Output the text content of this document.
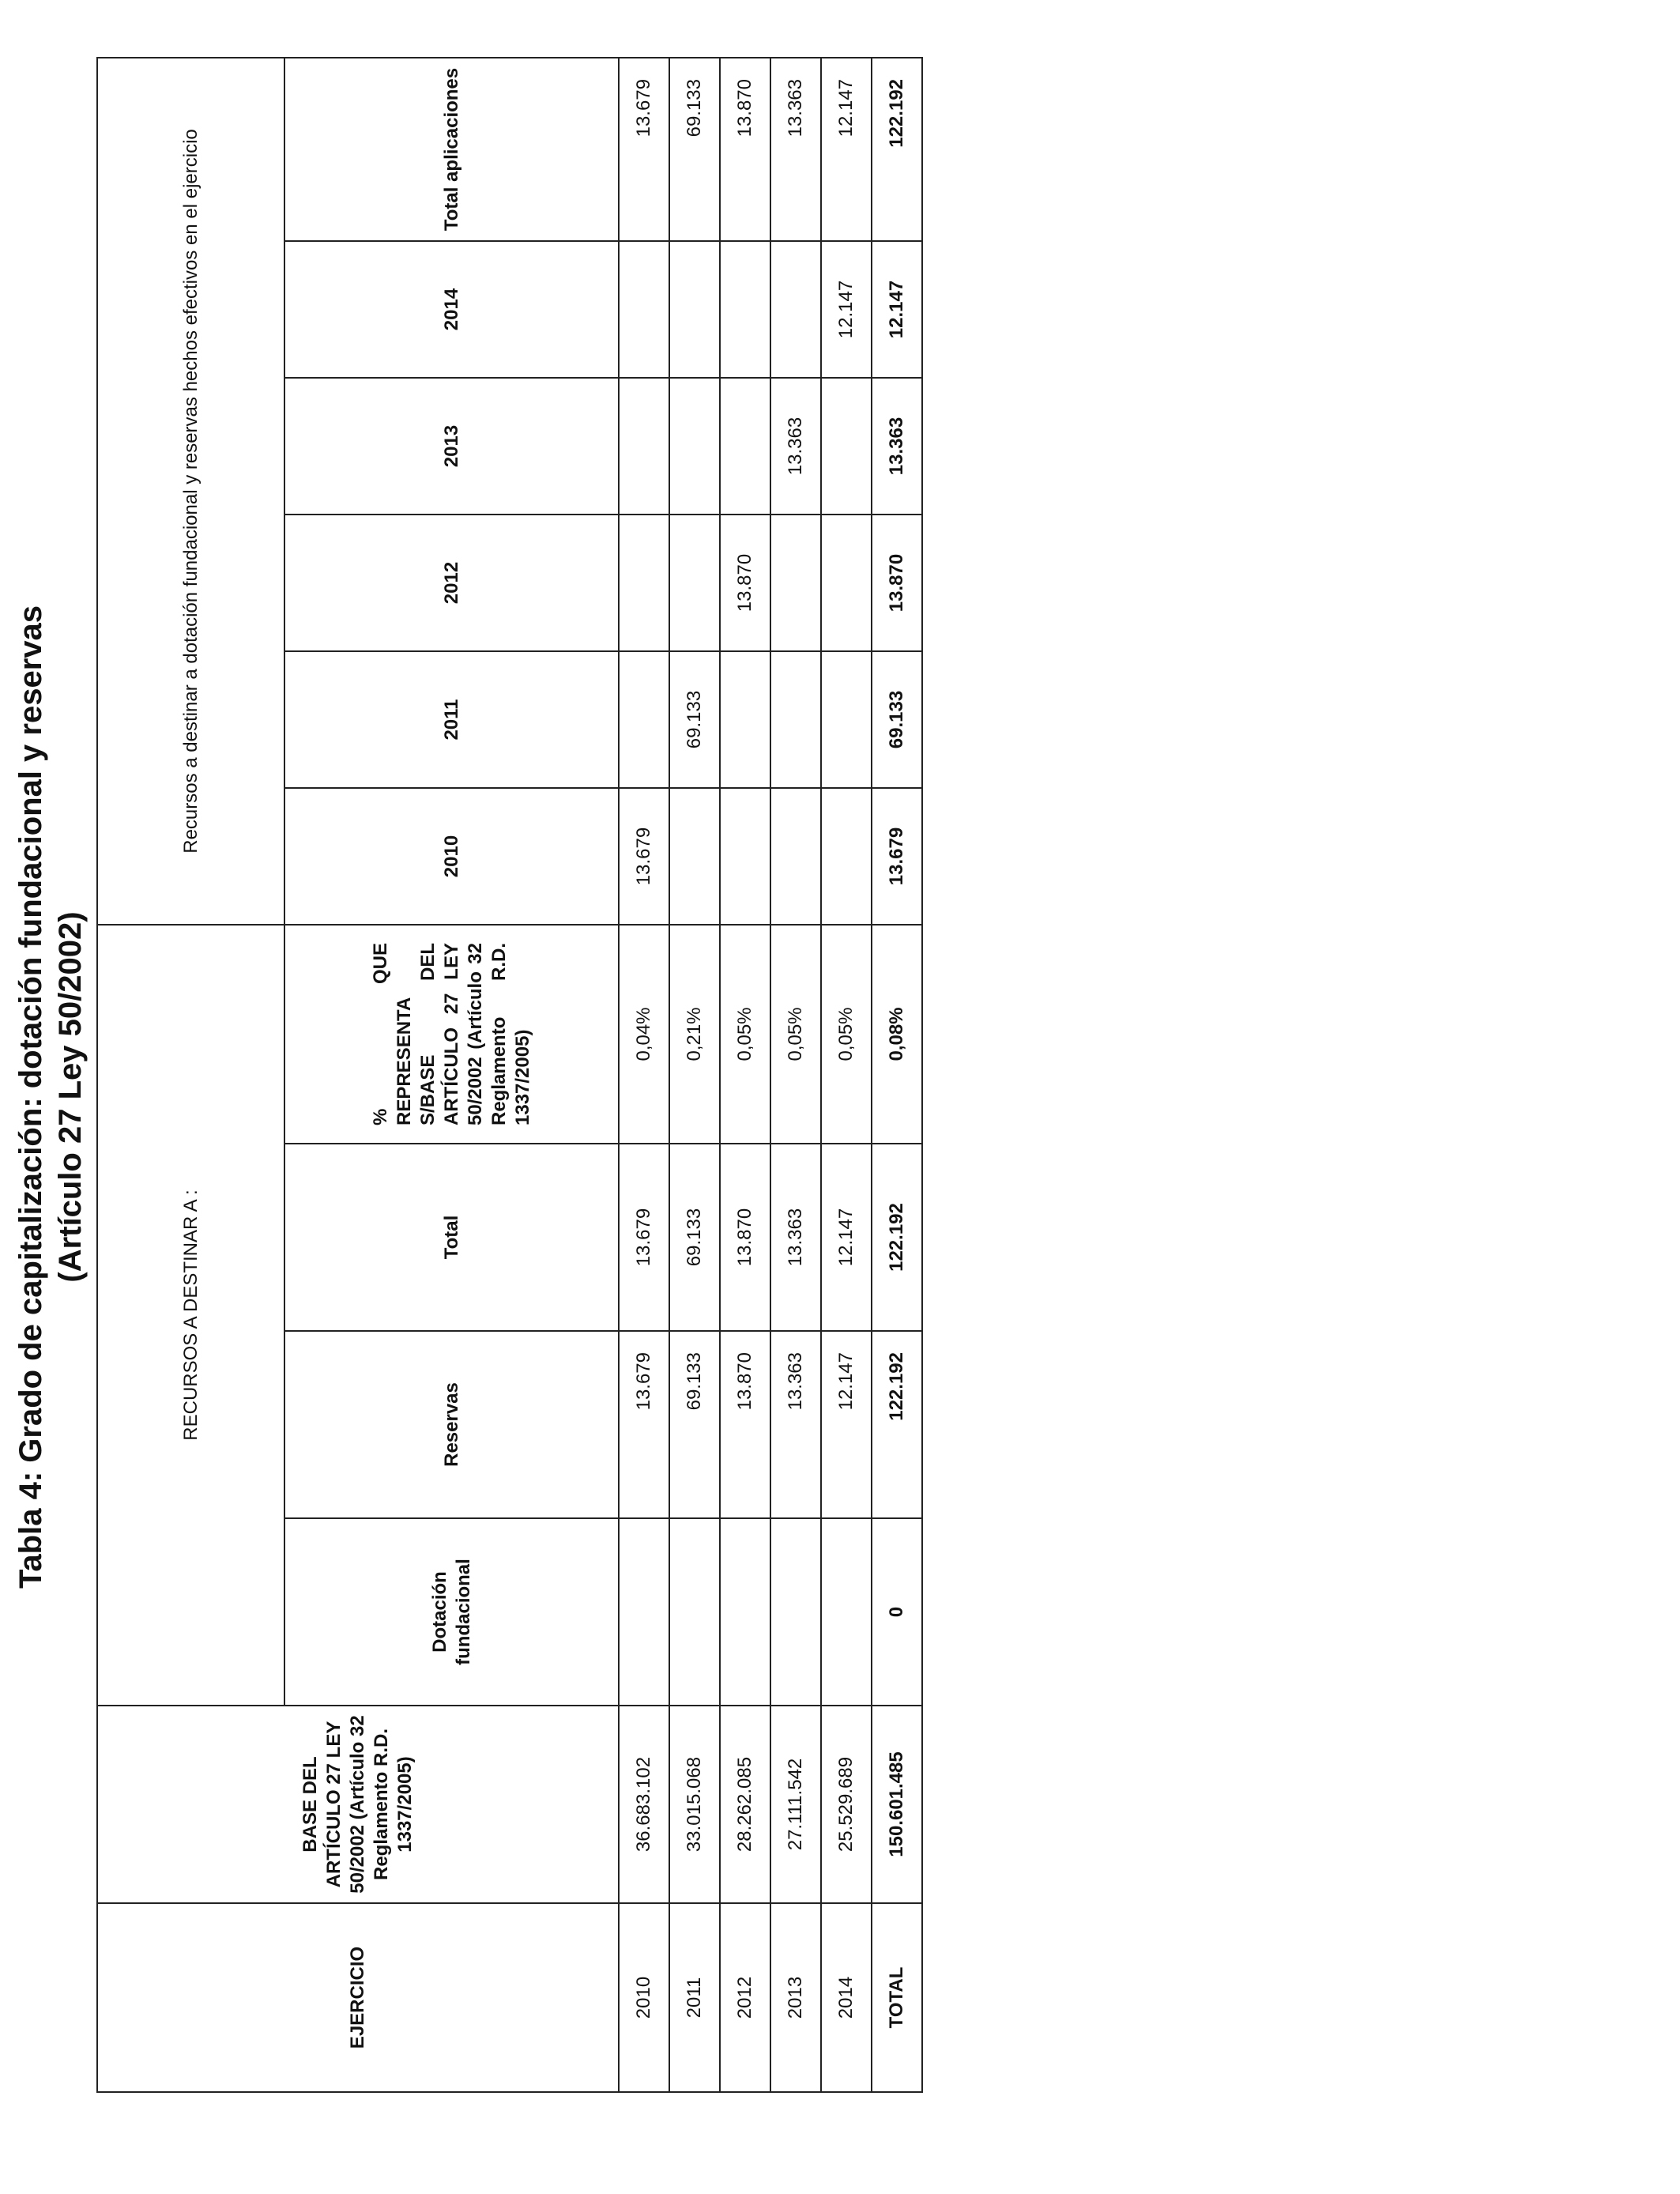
Tabla 4: Grado de capitalización: dotación fundacional y reservas (Artículo 27 Ley 50/2002)
EJERCICIO	BASE DEL ARTÍCULO 27 LEY 50/2002 (Artículo 32 Reglamento R.D. 1337/2005)	RECURSOS A DESTINAR A :				Recursos a destinar a dotación fundacional y reservas hechos efectivos en el ejercicio					
		Dotación fundacional	Reservas	Total	% QUE REPRESENTA S/BASE DEL ARTÍCULO 27 LEY 50/2002 (Artículo 32 Reglamento R.D. 1337/2005)	2010	2011	2012	2013	2014	Total aplicaciones
2010	36.683.102		13.679	13.679	0,04%	13.679					13.679
2011	33.015.068		69.133	69.133	0,21%		69.133				69.133
2012	28.262.085		13.870	13.870	0,05%			13.870			13.870
2013	27.111.542		13.363	13.363	0,05%				13.363		13.363
2014	25.529.689		12.147	12.147	0,05%					12.147	12.147
TOTAL	150.601.485	0	122.192	122.192	0,08%	13.679	69.133	13.870	13.363	12.147	122.192
